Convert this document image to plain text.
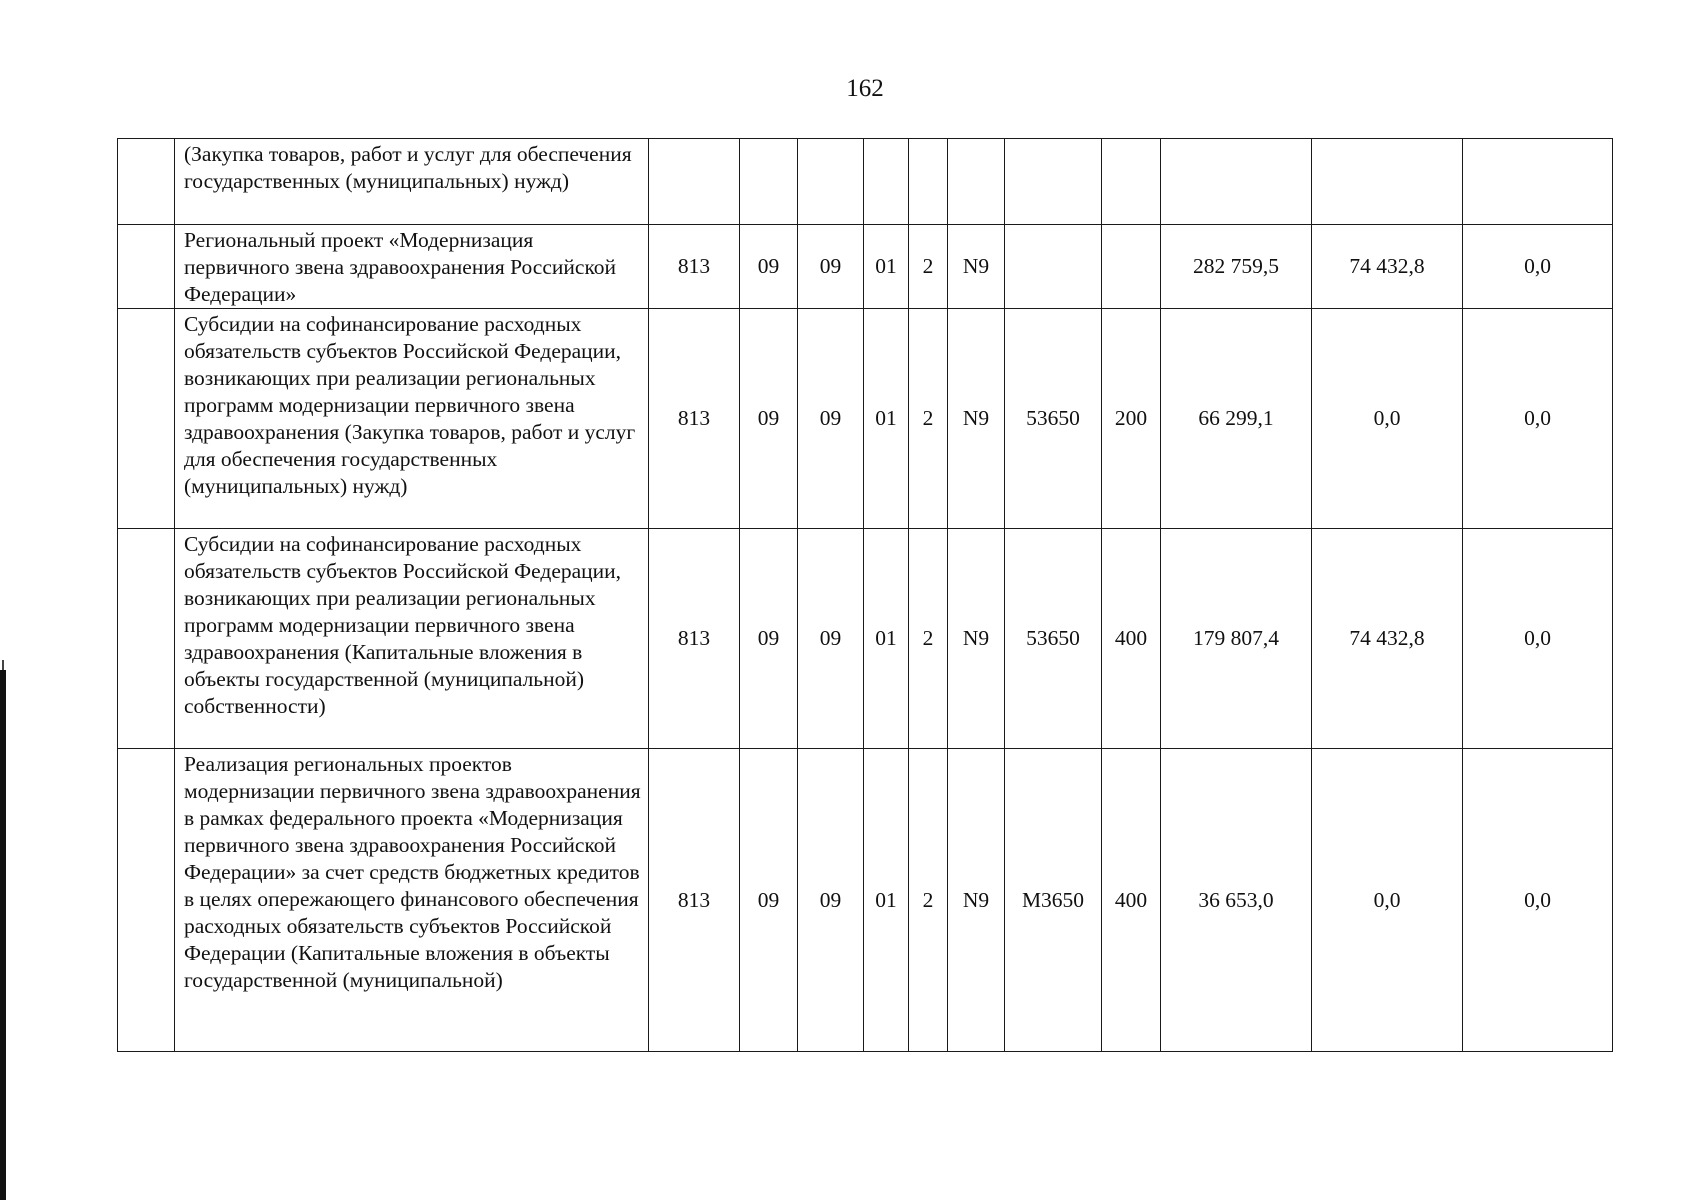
162
	(Закупка товаров, работ и услуг для обеспечения государственных (муниципальных) нужд)											
	Региональный проект «Модернизация первичного звена здравоохранения Российской Федерации»	813	09	09	01	2	N9			282 759,5	74 432,8	0,0
	Субсидии на софинансирование расходных обязательств субъектов Российской Федерации, возникающих при реализации региональных программ модернизации первичного звена здравоохранения (Закупка товаров, работ и услуг для обеспечения государственных (муниципальных) нужд)	813	09	09	01	2	N9	53650	200	66 299,1	0,0	0,0
	Субсидии на софинансирование расходных обязательств субъектов Российской Федерации, возникающих при реализации региональных программ модернизации первичного звена здравоохранения (Капитальные вложения в объекты государственной (муниципальной) собственности)	813	09	09	01	2	N9	53650	400	179 807,4	74 432,8	0,0
	Реализация региональных проектов модернизации первичного звена здравоохранения в рамках федерального проекта «Модернизация первичного звена здравоохранения Российской Федерации» за счет средств бюджетных кредитов в целях опережающего финансового обеспечения расходных обязательств субъектов Российской Федерации (Капитальные вложения в объекты государственной (муниципальной)	813	09	09	01	2	N9	M3650	400	36 653,0	0,0	0,0
